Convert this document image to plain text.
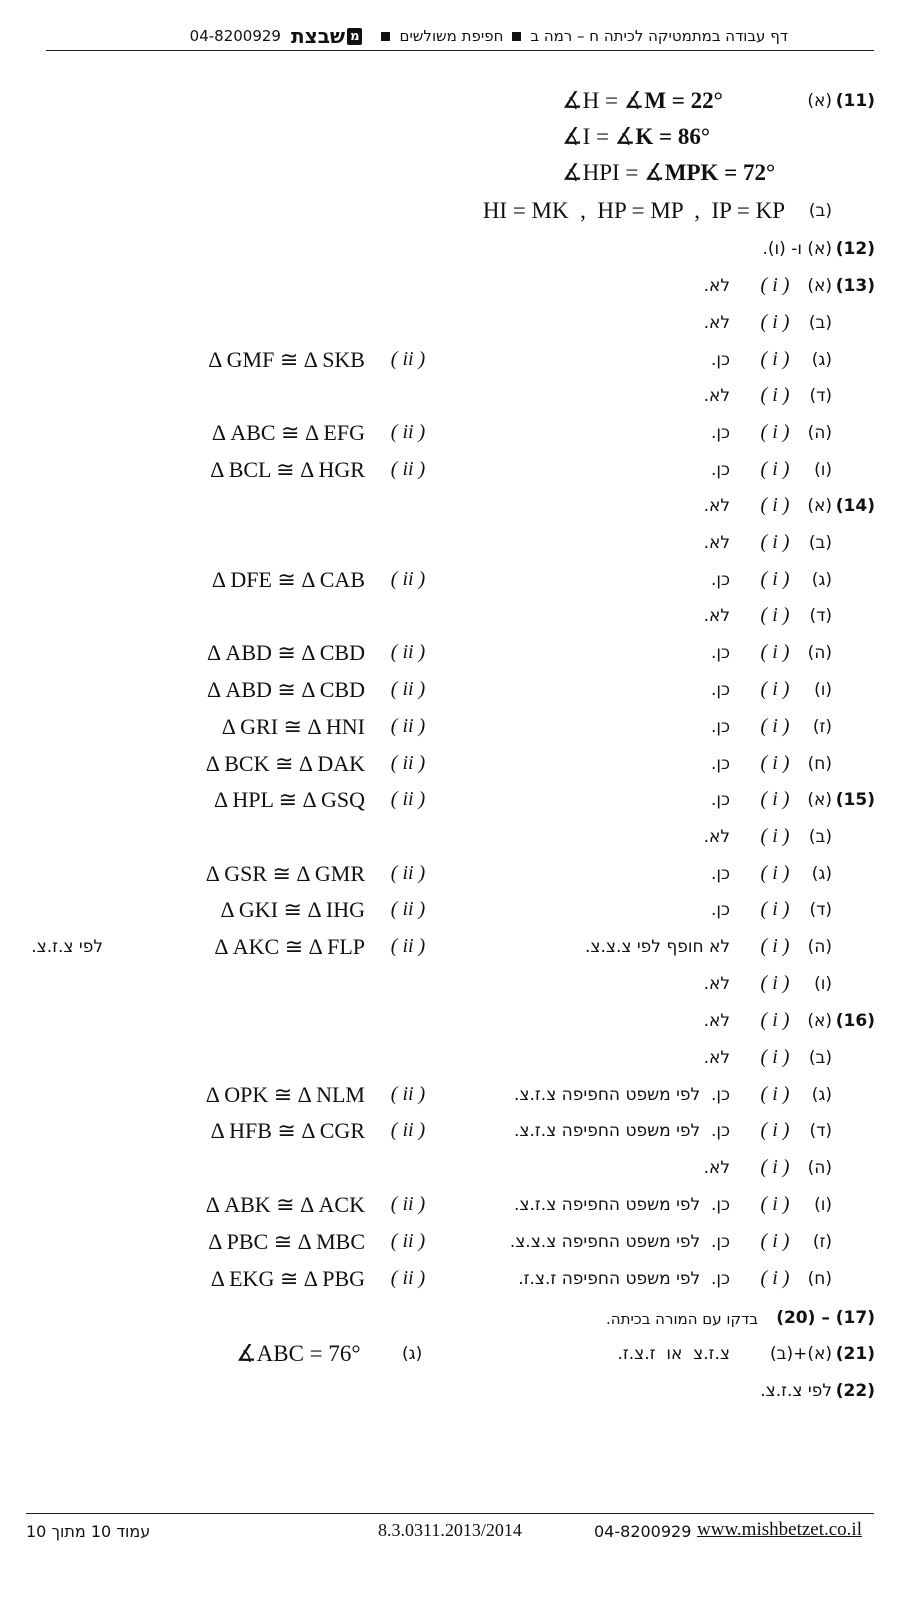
דף עבודה במתמטיקה לכיתה ח – רמה ב
חפיפת משולשים
מ
שבצת
04-8200929
(11)
(א)
∡H = ∡M = 22°
∡I = ∡K = 86°
∡HPI = ∡MPK = 72°
(ב)
HI = MK  ,  HP = MP  ,  IP = KP
(12)
(א) ו- (ו).
(13)
(א)
( i )
לא.
(ב)
( i )
לא.
(ג)
( i )
כן.
( ii )
Δ GMF ≅ Δ SKB
(ד)
( i )
לא.
(ה)
( i )
כן.
( ii )
Δ ABC ≅ Δ EFG
(ו)
( i )
כן.
( ii )
Δ BCL ≅ Δ HGR
(14)
(א)
( i )
לא.
(ב)
( i )
לא.
(ג)
( i )
כן.
( ii )
Δ DFE ≅ Δ CAB
(ד)
( i )
לא.
(ה)
( i )
כן.
( ii )
Δ ABD ≅ Δ CBD
(ו)
( i )
כן.
( ii )
Δ ABD ≅ Δ CBD
(ז)
( i )
כן.
( ii )
Δ GRI ≅ Δ HNI
(ח)
( i )
כן.
( ii )
Δ BCK ≅ Δ DAK
(15)
(א)
( i )
כן.
( ii )
Δ HPL ≅ Δ GSQ
(ב)
( i )
לא.
(ג)
( i )
כן.
( ii )
Δ GSR ≅ Δ GMR
(ד)
( i )
כן.
( ii )
Δ GKI ≅ Δ IHG
(ה)
( i )
לא חופף לפי צ.צ.צ.
( ii )
Δ AKC ≅ Δ FLP
לפי צ.ז.צ.
(ו)
( i )
לא.
(16)
(א)
( i )
לא.
(ב)
( i )
לא.
(ג)
( i )
כן.  לפי משפט החפיפה צ.ז.צ.
( ii )
Δ OPK ≅ Δ NLM
(ד)
( i )
כן.  לפי משפט החפיפה צ.ז.צ.
( ii )
Δ HFB ≅ Δ CGR
(ה)
( i )
לא.
(ו)
( i )
כן.  לפי משפט החפיפה צ.ז.צ.
( ii )
Δ ABK ≅ Δ ACK
(ז)
( i )
כן.  לפי משפט החפיפה צ.צ.צ.
( ii )
Δ PBC ≅ Δ MBC
(ח)
( i )
כן.  לפי משפט החפיפה ז.צ.ז.
( ii )
Δ EKG ≅ Δ PBG
(17) – (20)
בדקו עם המורה בכיתה.
(21)
(א)+(ב)
צ.ז.צ  או  ז.צ.ז.
(ג)
∡ABC = 76°
(22)
לפי צ.ז.צ.
עמוד 10 מתוך 10	8.3.0311.2013/2014	04-8200929 www.mishbetzet.co.il
